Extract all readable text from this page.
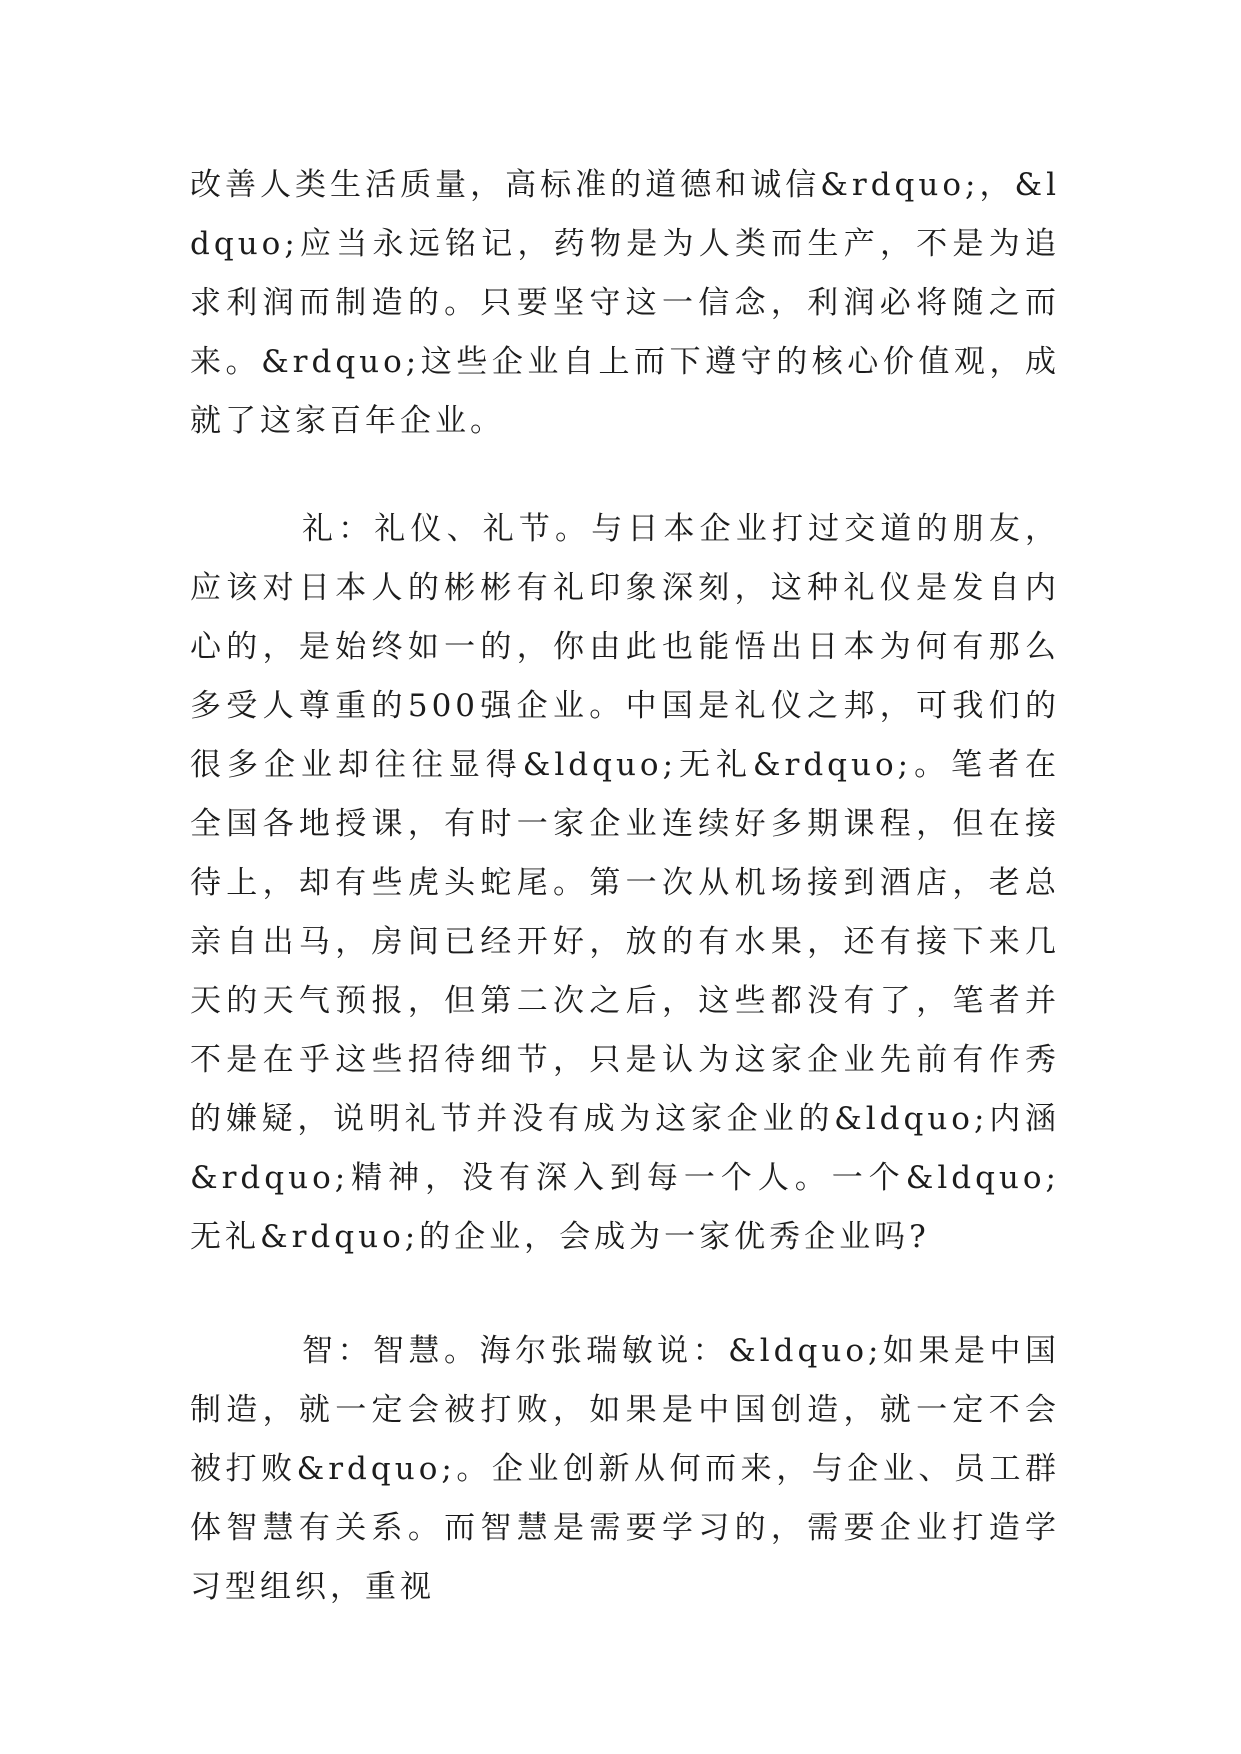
改善人类生活质量，高标准的道德和诚信&rdquo;，&ldquo;应当永远铭记，药物是为人类而生产，不是为追求利润而制造的。只要坚守这一信念，利润必将随之而来。&rdquo;这些企业自上而下遵守的核心价值观，成就了这家百年企业。

礼：礼仪、礼节。与日本企业打过交道的朋友，应该对日本人的彬彬有礼印象深刻，这种礼仪是发自内心的，是始终如一的，你由此也能悟出日本为何有那么多受人尊重的500强企业。中国是礼仪之邦，可我们的很多企业却往往显得&ldquo;无礼&rdquo;。笔者在全国各地授课，有时一家企业连续好多期课程，但在接待上，却有些虎头蛇尾。第一次从机场接到酒店，老总亲自出马，房间已经开好，放的有水果，还有接下来几天的天气预报，但第二次之后，这些都没有了，笔者并不是在乎这些招待细节，只是认为这家企业先前有作秀的嫌疑，说明礼节并没有成为这家企业的&ldquo;内涵&rdquo;精神，没有深入到每一个人。一个&ldquo;无礼&rdquo;的企业，会成为一家优秀企业吗?

智：智慧。海尔张瑞敏说：&ldquo;如果是中国制造，就一定会被打败，如果是中国创造，就一定不会被打败&rdquo;。企业创新从何而来，与企业、员工群体智慧有关系。而智慧是需要学习的，需要企业打造学习型组织，重视
